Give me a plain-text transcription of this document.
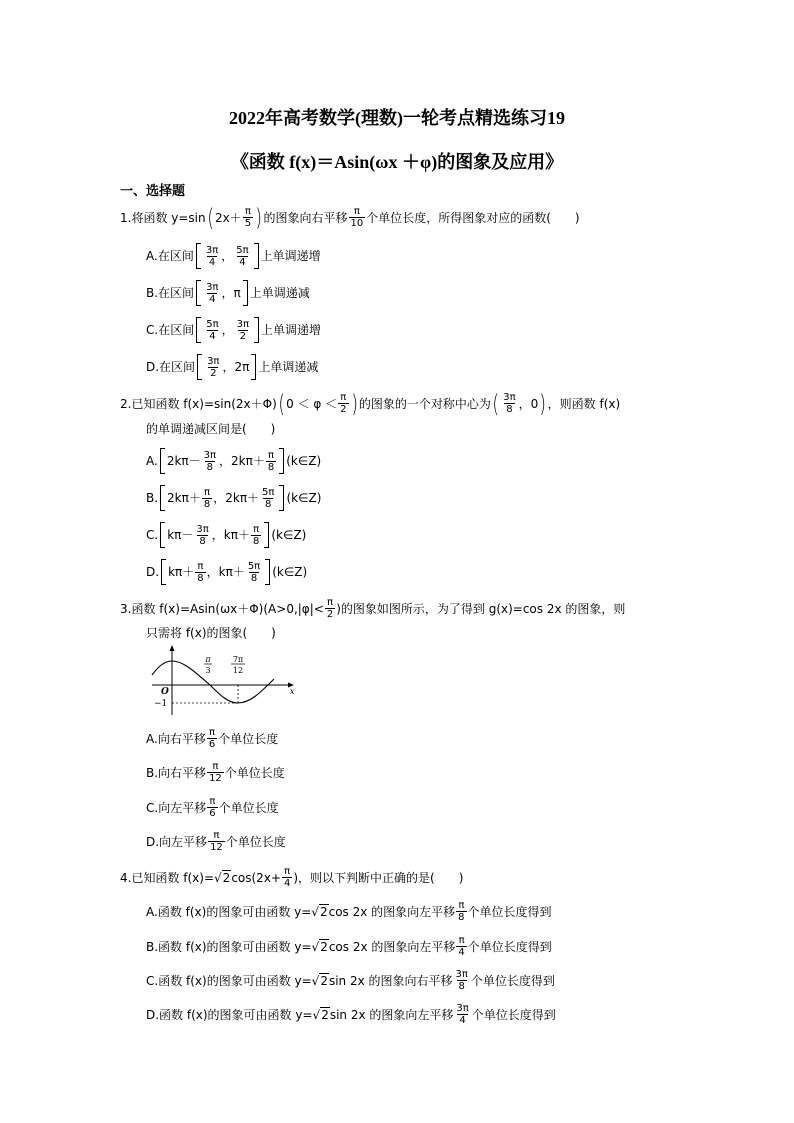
2022年高考数学(理数)一轮考点精选练习19
《函数 f(x)＝Asin(ωx ＋φ)的图象及应用》
一、选择题
1.将函数 y=sin ( $2x+ \frac{\pi}{5}$ ) 的图象向右平移 $\frac{\pi}{10}$ 个单位长度，所得图象对应的函数(　　)
A.在区间 $\frac{3\pi}{4}$ ， $\frac{5\pi}{4}$ 上单调递增
B.在区间 $\frac{3\pi}{4}$ ， π 上单调递减
C.在区间 $\frac{5\pi}{4}$ ， $\frac{3\pi}{2}$ 上单调递增
D.在区间 $\frac{3\pi}{2}$ ， 2π 上单调递减
2.已知函数 f(x)=sin(2x＋Φ) ( $0 < \varphi < \frac{\pi}{2}$ ) 的图象的一个对称中心为 ( $\frac{3\pi}{8}$ ，0 ) ，则函数 f(x)
的单调递减区间是(　　)
A. $2k\pi- \frac{3\pi}{8}$ ，$2k\pi+ \frac{\pi}{8}$ (k∈Z)
B. $2k\pi+ \frac{\pi}{8}$ ，$2k\pi+ \frac{5\pi}{8}$ (k∈Z)
C. $k\pi- \frac{3\pi}{8}$ ，$k\pi+ \frac{\pi}{8}$ (k∈Z)
D. $k\pi+ \frac{\pi}{8}$ ，$k\pi+ \frac{5\pi}{8}$ (k∈Z)
3.函数 $f(x)=Asin(\omega x+\Phi)(A>0,|\varphi|< \frac{\pi}{2}$ )的图象如图所示，为了得到 g(x)=cos 2x 的图象，则
只需将 f(x)的图象(　　)
π
3
7π
12
O
−1
x
A.向右平移 $\frac{\pi}{6}$ 个单位长度
B.向右平移 $\frac{\pi}{12}$ 个单位长度
C.向左平移 $\frac{\pi}{6}$ 个单位长度
D.向左平移 $\frac{\pi}{12}$ 个单位长度
4.已知函数 f(x)= √2 $\cos(2x+ \frac{\pi}{4}$ )，则以下判断中正确的是(　　)
A.函数 f(x)的图象可由函数 y= √2 cos 2x 的图象向左平移 $\frac{\pi}{8}$ 个单位长度得到
B.函数 f(x)的图象可由函数 y= √2 cos 2x 的图象向左平移 $\frac{\pi}{4}$ 个单位长度得到
C.函数 f(x)的图象可由函数 y= √2 sin 2x 的图象向右平移 $\frac{3\pi}{8}$ 个单位长度得到
D.函数 f(x)的图象可由函数 y= √2 sin 2x 的图象向左平移 $\frac{3\pi}{4}$ 个单位长度得到
